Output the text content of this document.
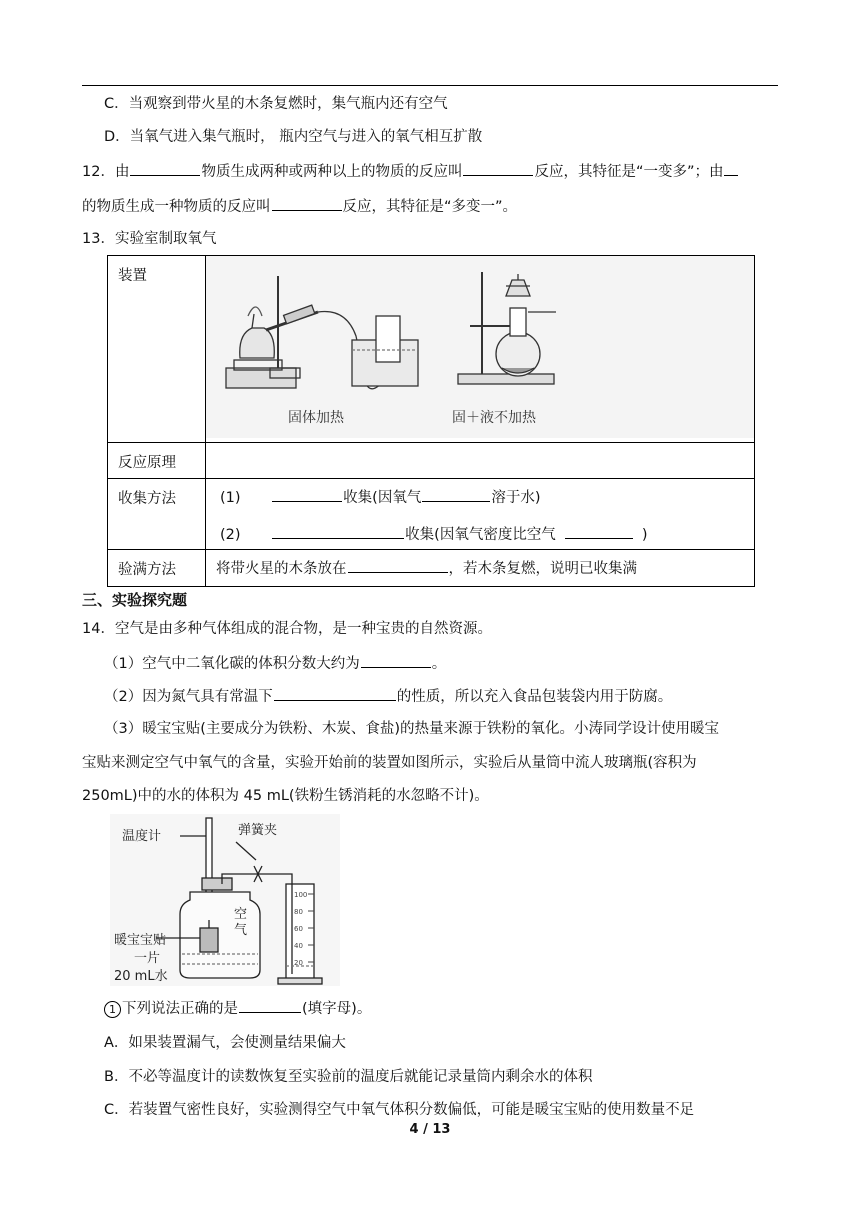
C．当观察到带火星的木条复燃时，集气瓶内还有空气
D．当氧气进入集气瓶时， 瓶内空气与进入的氧气相互扩散
12．由	物质生成两种或两种以上的物质的反应叫	反应，其特征是“一变多”；由
的物质生成一种物质的反应叫	反应，其特征是“多变一”。
13．实验室制取氧气
装置	固体加热 固＋液不加热

反应原理	
收集方法	(1) 收集(因氧气 溶于水)
(2) 收集(因氧气密度比空气 )

验满方法	将带火星的木条放在 ，若木条复燃，说明已收集满
三、实验探究题
14．空气是由多种气体组成的混合物，是一种宝贵的自然资源。
（1）空气中二氧化碳的体积分数大约为	。
（2）因为氮气具有常温下	的性质，所以充入食品包装袋内用于防腐。
（3）暖宝宝贴(主要成分为铁粉、木炭、食盐)的热量来源于铁粉的氧化。小涛同学设计使用暖宝
宝贴来测定空气中氧气的含量，实验开始前的装置如图所示，实验后从量筒中流人玻璃瓶(容积为
250mL)中的水的体积为 45 mL(铁粉生锈消耗的水忽略不计)。
温度计	弹簧夹
空
气
暖宝宝贴
一片
20 mL水
100
80
60
40
20
1 下列说法正确的是	(填字母)。
A．如果装置漏气，会使测量结果偏大
B．不必等温度计的读数恢复至实验前的温度后就能记录量筒内剩余水的体积
C．若装置气密性良好，实验测得空气中氧气体积分数偏低，可能是暖宝宝贴的使用数量不足
4 / 13
